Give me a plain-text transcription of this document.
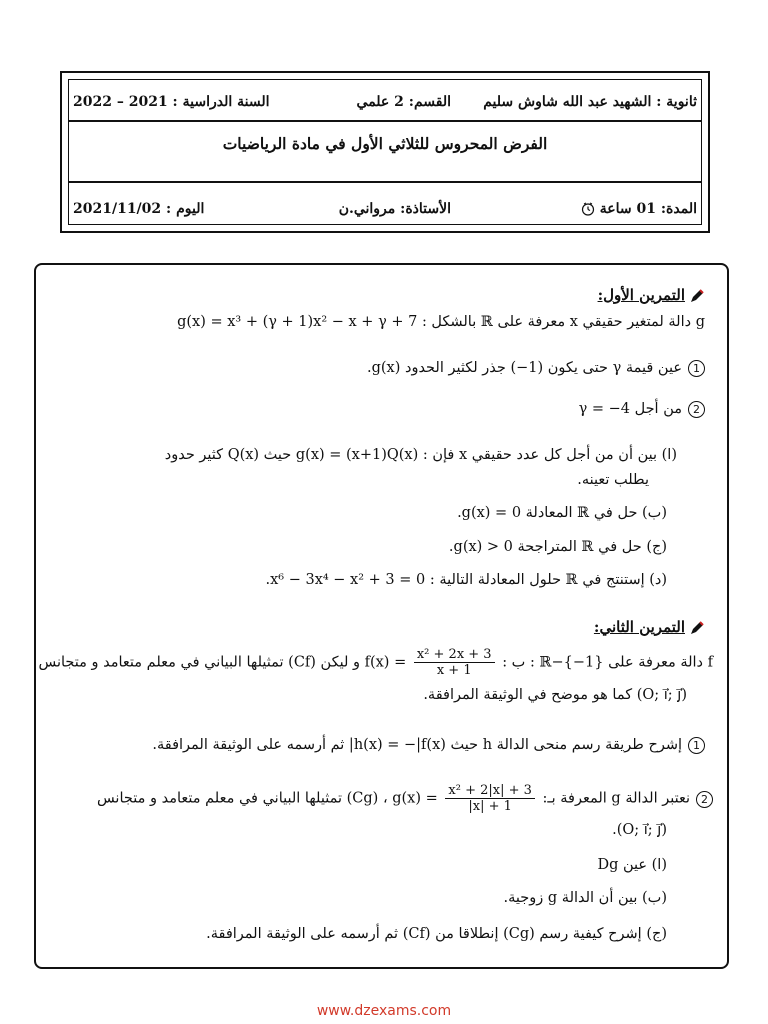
ثانوية : الشهيد عبد الله شاوش سليم
القسم: 2 علمي
السنة الدراسية : 2021 – 2022
الفرض المحروس للثلاثي الأول في مادة الرياضيات
المدة: 01 ساعة
الأستاذة: مرواني.ن
اليوم : 2021/11/02
التمرين الأول:
g دالة لمتغير حقيقي x معرفة على ℝ بالشكل : g(x) = x³ + (γ + 1)x² − x + γ + 7
1عين قيمة γ حتى يكون (1−) جذر لكثير الحدود g(x).
2من أجل γ = −4
(ا) بين أن من أجل كل عدد حقيقي x فإن : g(x) = (x+1)Q(x) حيث Q(x) كثير حدود
يطلب تعينه.
(ب) حل في ℝ المعادلة g(x) = 0.
(ج) حل في ℝ المتراجحة g(x) > 0.
(د) إستنتج في ℝ حلول المعادلة التالية : x⁶ − 3x⁴ − x² + 3 = 0.
التمرين الثاني:
f دالة معرفة على {1−}−ℝ : ب : $f(x) = \frac{\text{x² + 2x + 3}}{x + 1}$
و ليكن (Cf) تمثيلها البياني في معلم متعامد و متجانس
(O; i⃗; j⃗) كما هو موضح في الوثيقة المرافقة.
1إشرح طريقة رسم منحى الدالة h حيث h(x) = −|f(x)| ثم أرسمه على الوثيقة المرافقة.
2نعتبر الدالة g المعرفة بـ: $g(x) = \frac{\text{x² + 2|x| + 3}}{|x| + 1}$
، (Cg) تمثيلها البياني في معلم متعامد و متجانس
(O; i⃗; j⃗).
(ا) عين Dg
(ب) بين أن الدالة g زوجية.
(ج) إشرح كيفية رسم (Cg) إنطلاقا من (Cf) ثم أرسمه على الوثيقة المرافقة.
www.dzexams.com
